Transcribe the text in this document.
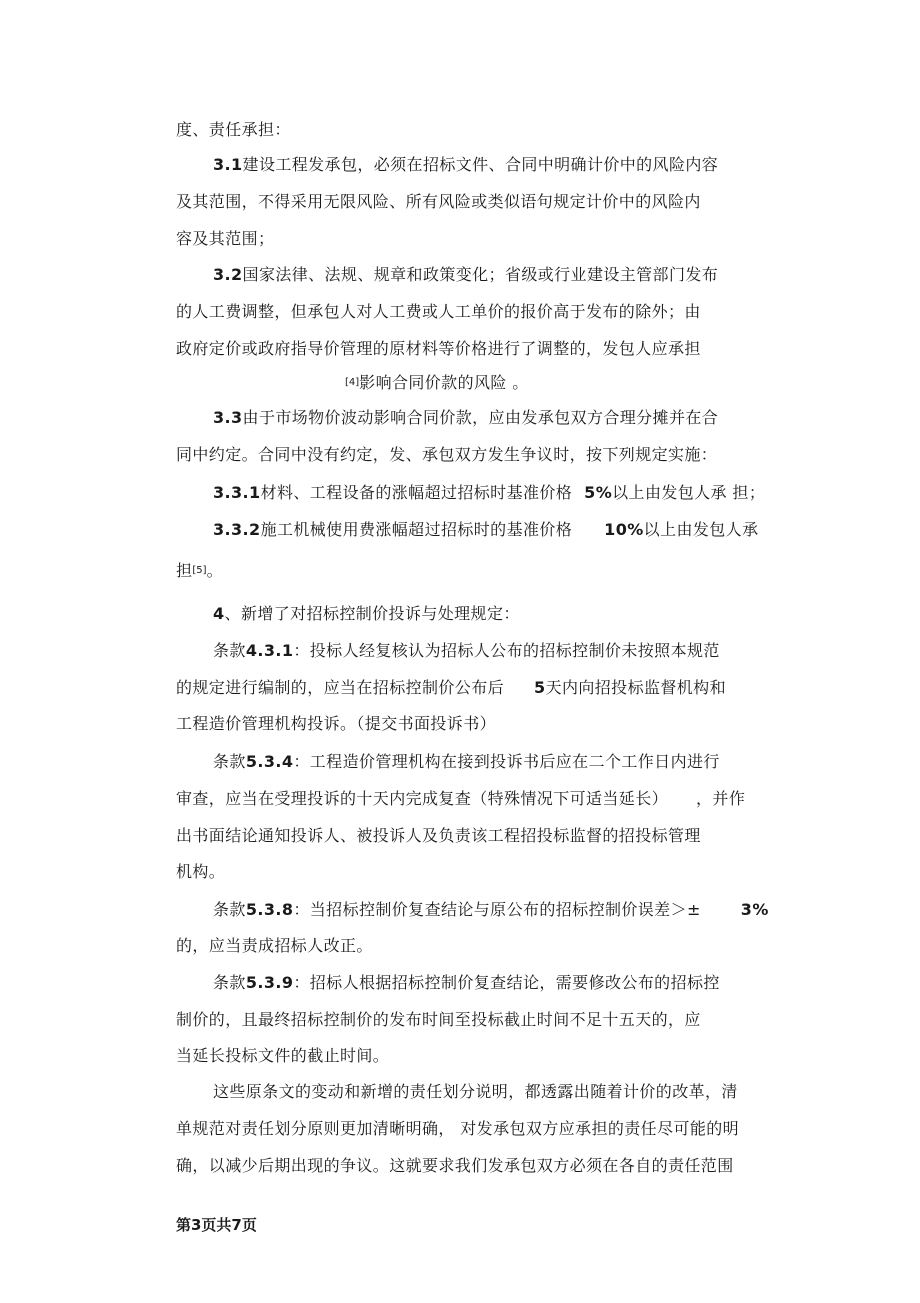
度、责任承担：
3.1建设工程发承包，必须在招标文件、合同中明确计价中的风险内容
及其范围，不得采用无限风险、所有风险或类似语句规定计价中的风险内
容及其范围；
3.2国家法律、法规、规章和政策变化；省级或行业建设主管部门发布
的人工费调整，但承包人对人工费或人工单价的报价高于发布的除外；由
政府定价或政府指导价管理的原材料等价格进行了调整的，发包人应承担
[4]影响合同价款的风险 。
3.3由于市场物价波动影响合同价款，应由发承包双方合理分摊并在合
同中约定。合同中没有约定，发、承包双方发生争议时，按下列规定实施：
3.3.1材料、工程设备的涨幅超过招标时基准价格 5%以上由发包人承 担；
3.3.2施工机械使用费涨幅超过招标时的基准价格 10%以上由发包人承
担[5]。
4、新增了对招标控制价投诉与处理规定：
条款4.3.1：投标人经复核认为招标人公布的招标控制价未按照本规范
的规定进行编制的，应当在招标控制价公布后 5天内向招投标监督机构和
工程造价管理机构投诉。（提交书面投诉书）
条款5.3.4：工程造价管理机构在接到投诉书后应在二个工作日内进行
审查，应当在受理投诉的十天内完成复查（特殊情况下可适当延长） ，并作
出书面结论通知投诉人、被投诉人及负责该工程招投标监督的招投标管理
机构。
条款5.3.8：当招标控制价复查结论与原公布的招标控制价误差＞±	3%
的，应当责成招标人改正。
条款5.3.9：招标人根据招标控制价复查结论，需要修改公布的招标控
制价的，且最终招标控制价的发布时间至投标截止时间不足十五天的，应
当延长投标文件的截止时间。
这些原条文的变动和新增的责任划分说明，都透露出随着计价的改革，清
单规范对责任划分原则更加清晰明确， 对发承包双方应承担的责任尽可能的明
确，以减少后期出现的争议。这就要求我们发承包双方必须在各自的责任范围
第3页共7页
